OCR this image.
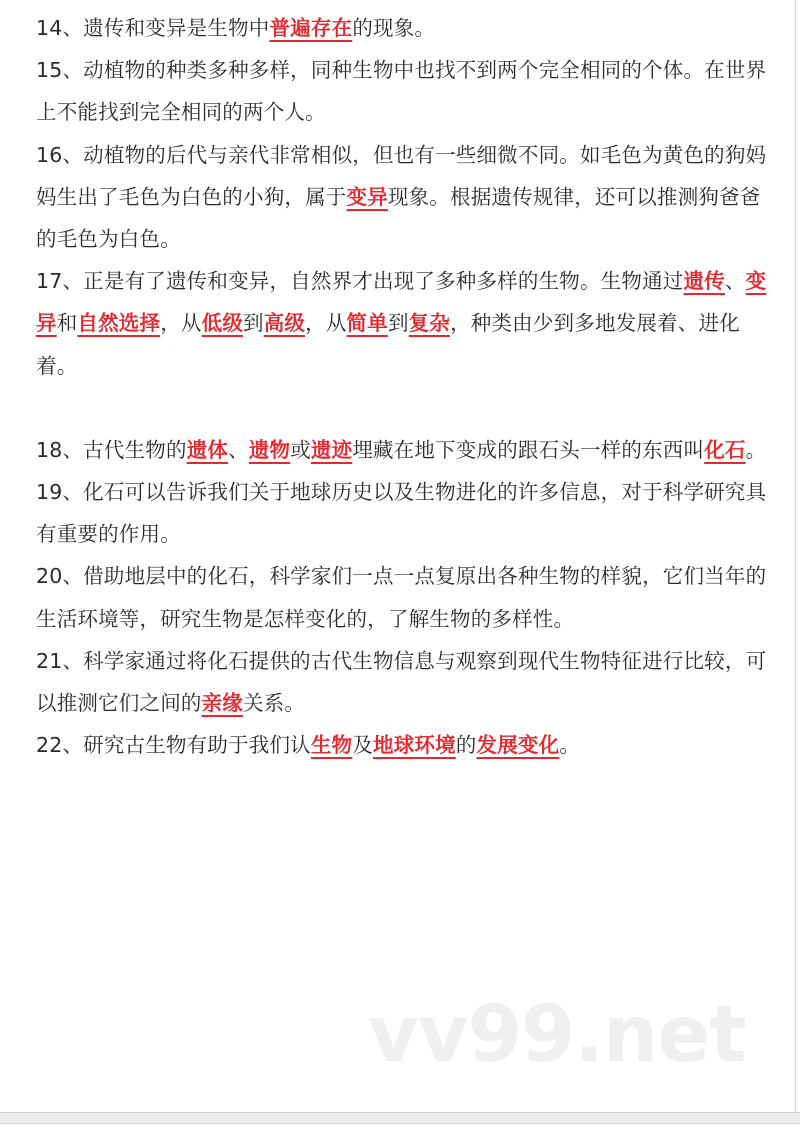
14、遗传和变异是生物中普遍存在的现象。

15、动植物的种类多种多样，同种生物中也找不到两个完全相同的个体。在世界上不能找到完全相同的两个人。

16、动植物的后代与亲代非常相似，但也有一些细微不同。如毛色为黄色的狗妈妈生出了毛色为白色的小狗，属于变异现象。根据遗传规律，还可以推测狗爸爸的毛色为白色。

17、正是有了遗传和变异，自然界才出现了多种多样的生物。生物通过遗传、变异和自然选择，从低级到高级，从简单到复杂，种类由少到多地发展着、进化着。

18、古代生物的遗体、遗物或遗迹埋藏在地下变成的跟石头一样的东西叫化石。

19、化石可以告诉我们关于地球历史以及生物进化的许多信息，对于科学研究具有重要的作用。

20、借助地层中的化石，科学家们一点一点复原出各种生物的样貌，它们当年的生活环境等，研究生物是怎样变化的，了解生物的多样性。

21、科学家通过将化石提供的古代生物信息与观察到现代生物特征进行比较，可以推测它们之间的亲缘关系。

22、研究古生物有助于我们认生物及地球环境的发展变化。

vv99.net
